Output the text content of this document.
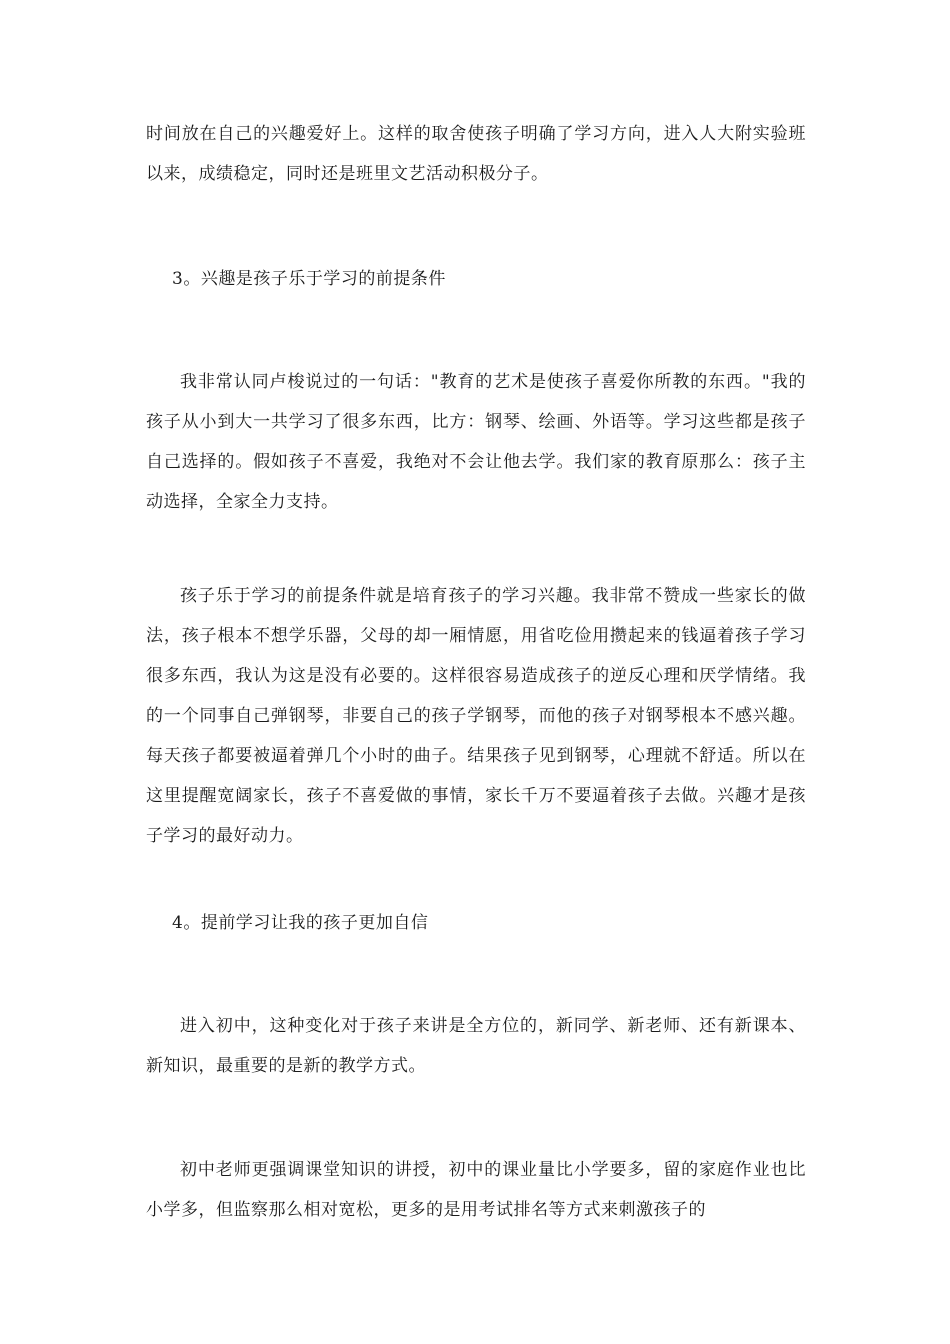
时间放在自己的兴趣爱好上。这样的取舍使孩子明确了学习方向，进入人大附实验班以来，成绩稳定，同时还是班里文艺活动积极分子。

3。兴趣是孩子乐于学习的前提条件

我非常认同卢梭说过的一句话："教育的艺术是使孩子喜爱你所教的东西。"我的孩子从小到大一共学习了很多东西，比方：钢琴、绘画、外语等。学习这些都是孩子自己选择的。假如孩子不喜爱，我绝对不会让他去学。我们家的教育原那么：孩子主动选择，全家全力支持。

孩子乐于学习的前提条件就是培育孩子的学习兴趣。我非常不赞成一些家长的做法，孩子根本不想学乐器，父母的却一厢情愿，用省吃俭用攒起来的钱逼着孩子学习很多东西，我认为这是没有必要的。这样很容易造成孩子的逆反心理和厌学情绪。我的一个同事自己弹钢琴，非要自己的孩子学钢琴，而他的孩子对钢琴根本不感兴趣。每天孩子都要被逼着弹几个小时的曲子。结果孩子见到钢琴，心理就不舒适。所以在这里提醒宽阔家长，孩子不喜爱做的事情，家长千万不要逼着孩子去做。兴趣才是孩子学习的最好动力。

4。提前学习让我的孩子更加自信

进入初中，这种变化对于孩子来讲是全方位的，新同学、新老师、还有新课本、新知识，最重要的是新的教学方式。

初中老师更强调课堂知识的讲授，初中的课业量比小学要多，留的家庭作业也比小学多，但监察那么相对宽松，更多的是用考试排名等方式来刺激孩子的
